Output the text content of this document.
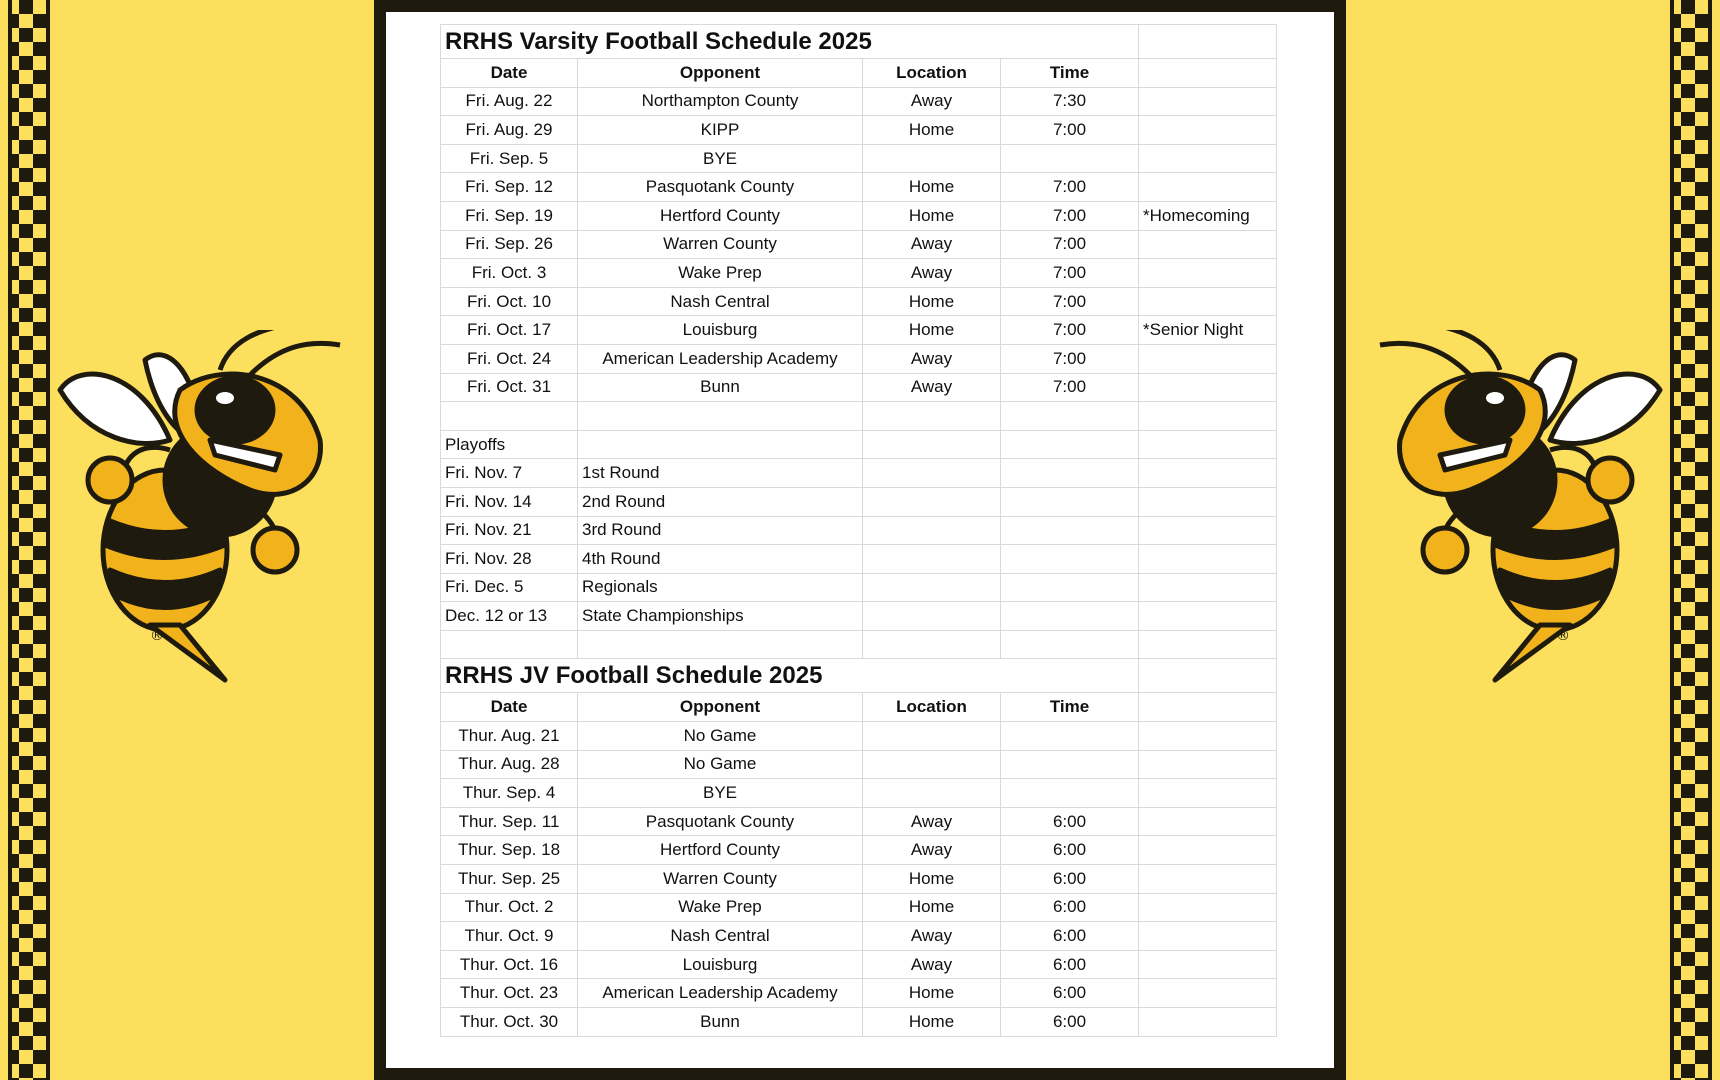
®	®
RRHS Varsity Football Schedule 2025				
Date	Opponent	Location	Time	
Fri. Aug. 22	Northampton County	Away	7:30	
Fri. Aug. 29	KIPP	Home	7:00	
Fri. Sep. 5	BYE			
Fri. Sep. 12	Pasquotank County	Home	7:00	
Fri. Sep. 19	Hertford County	Home	7:00	*Homecoming
Fri. Sep. 26	Warren County	Away	7:00	
Fri. Oct. 3	Wake Prep	Away	7:00	
Fri. Oct. 10	Nash Central	Home	7:00	
Fri. Oct. 17	Louisburg	Home	7:00	*Senior Night
Fri. Oct. 24	American Leadership Academy	Away	7:00	
Fri. Oct. 31	Bunn	Away	7:00	

Playoffs				
Fri. Nov. 7	1st Round			
Fri. Nov. 14	2nd Round			
Fri. Nov. 21	3rd Round			
Fri. Nov. 28	4th Round			
Fri. Dec. 5	Regionals			
Dec. 12 or 13	State Championships			

RRHS JV Football Schedule 2025				
Date	Opponent	Location	Time	
Thur. Aug. 21	No Game			
Thur. Aug. 28	No Game			
Thur. Sep. 4	BYE			
Thur. Sep. 11	Pasquotank County	Away	6:00	
Thur. Sep. 18	Hertford County	Away	6:00	
Thur. Sep. 25	Warren County	Home	6:00	
Thur. Oct. 2	Wake Prep	Home	6:00	
Thur. Oct. 9	Nash Central	Away	6:00	
Thur. Oct. 16	Louisburg	Away	6:00	
Thur. Oct. 23	American Leadership Academy	Home	6:00	
Thur. Oct. 30	Bunn	Home	6:00	
